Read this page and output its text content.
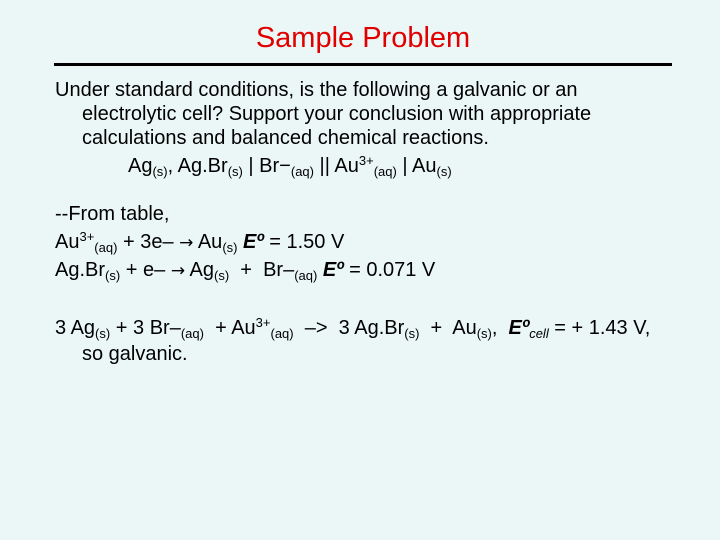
Sample Problem
Under standard conditions, is the following a galvanic or an
electrolytic cell? Support your conclusion with appropriate
calculations and balanced chemical reactions.
$Ag_{(s)}$, $Ag.Br_{(s)}$ | $Br-_{(aq)}$ || $Au^{3+}_{(aq)}$ | $Au_{(s)}$
--From table,
$Au^{3+}_{(aq)} + 3e- \to Au_{(s)}$ Eº = 1.50 V
$Ag.Br_{(s)} + e- \to Ag_{(s)} + Br-_{(aq)}$ Eº = 0.071 V
3 $Ag_{(s)} + 3$ $Br-_{(aq)} + Au^{3+}_{(aq)} -> 3$ $Ag.Br_{(s)} + Au_{(s)}$,  Eº$_{cell}$ = + 1.43 V,
so galvanic.
